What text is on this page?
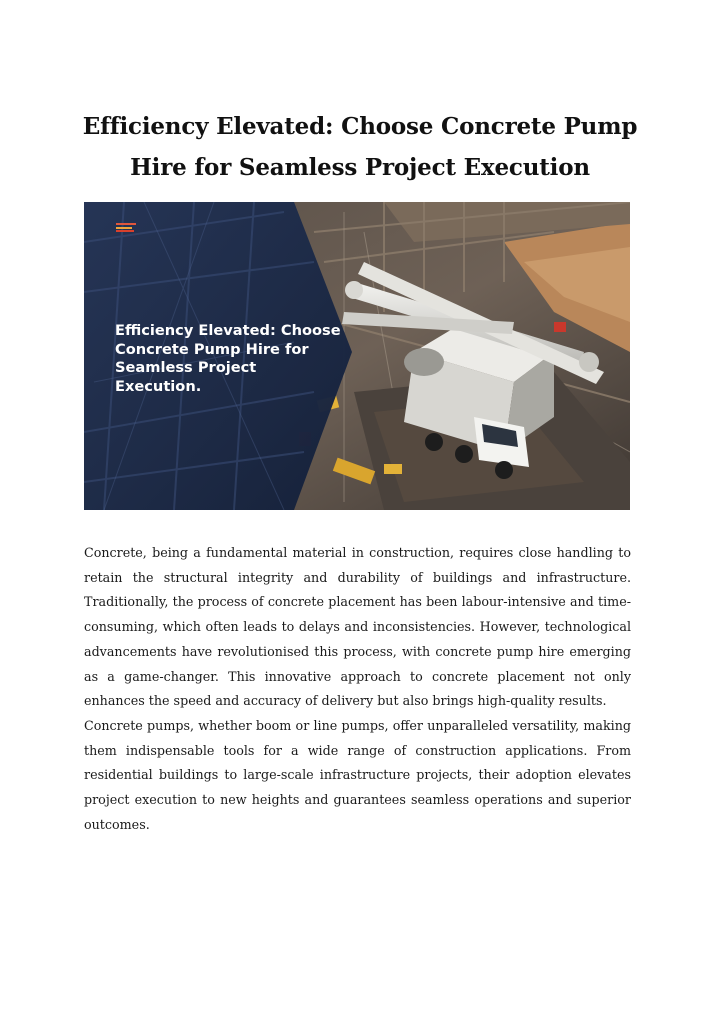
Efficiency Elevated: Choose Concrete Pump Hire for Seamless Project Execution

Efficiency Elevated: Choose Concrete Pump Hire for Seamless Project Execution.

Concrete, being a fundamental material in construction, requires close handling to retain the structural integrity and durability of buildings and infrastructure. Traditionally, the process of concrete placement has been labour-intensive and time-consuming, which often leads to delays and inconsistencies. However, technological advancements have revolutionised this process, with concrete pump hire emerging as a game-changer. This innovative approach to concrete placement not only enhances the speed and accuracy of delivery but also brings high-quality results.

Concrete pumps, whether boom or line pumps, offer unparalleled versatility, making them indispensable tools for a wide range of construction applications. From residential buildings to large-scale infrastructure projects, their adoption elevates project execution to new heights and guarantees seamless operations and superior outcomes.
